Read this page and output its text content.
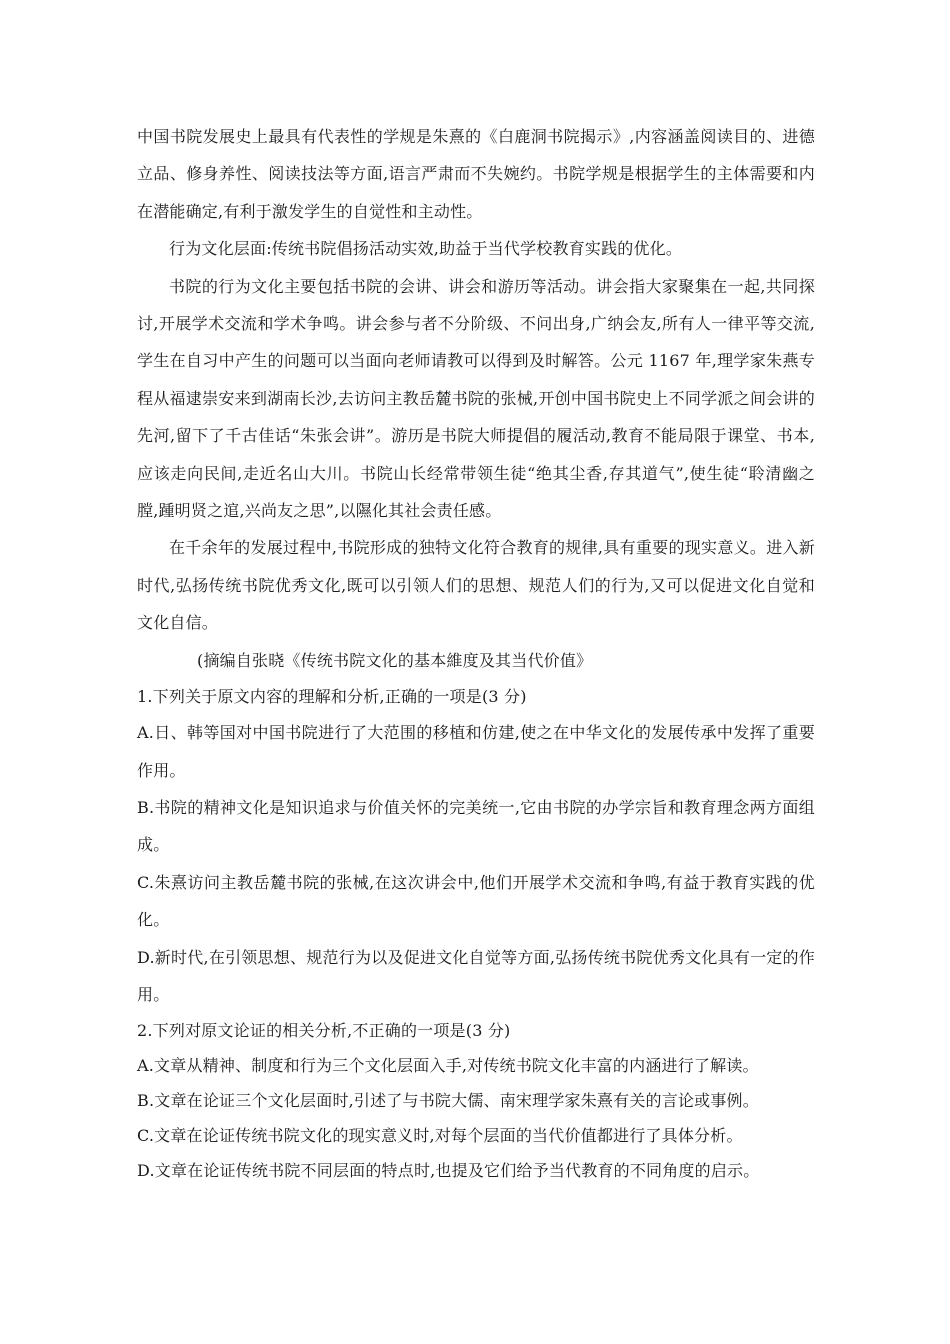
中国书院发展史上最具有代表性的学规是朱熹的《白鹿洞书院揭示》,内容涵盖阅读目的、进德立品、修身养性、阅读技法等方面,语言严肃而不失婉约。书院学规是根据学生的主体需要和内在潜能确定,有利于激发学生的自觉性和主动性。

行为文化层面:传统书院倡扬活动实效,助益于当代学校教育实践的优化。

书院的行为文化主要包括书院的会讲、讲会和游历等活动。讲会指大家聚集在一起,共同探讨,开展学术交流和学术争鸣。讲会参与者不分阶级、不问出身,广纳会友,所有人一律平等交流,学生在自习中产生的问题可以当面向老师请教可以得到及时解答。公元 1167 年,理学家朱燕专程从福逮崇安来到湖南长沙,去访问主教岳麓书院的张械,开创中国书院史上不同学派之间会讲的先河,留下了千古佳话“朱张会讲”。游历是书院大师提倡的履活动,教育不能局限于课堂、书本,应该走向民间,走近名山大川。书院山长经常带领生徒“绝其尘香,存其道气”,使生徒“聆清幽之膛,踵明贤之逭,兴尚友之思”,以隰化其社会责任感。

在千余年的发展过程中,书院形成的独特文化符合教育的规律,具有重要的现实意义。进入新时代,弘扬传统书院优秀文化,既可以引领人们的思想、规范人们的行为,又可以促进文化自觉和文化自信。

(摘编自张晓《传统书院文化的基本維度及其当代价值》

1.下列关于原文内容的理解和分析,正确的一项是(3 分)

A.日、韩等国对中国书院进行了大范围的移植和仿建,使之在中华文化的发展传承中发挥了重要作用。

B.书院的精神文化是知识追求与价值关怀的完美统一,它由书院的办学宗旨和教育理念两方面组成。

C.朱熹访问主教岳麓书院的张械,在这次讲会中,他们开展学术交流和争鸣,有益于教育实践的优化。

D.新时代,在引领思想、规范行为以及促进文化自觉等方面,弘扬传统书院优秀文化具有一定的作用。

2.下列对原文论证的相关分析,不正确的一项是(3 分)

A.文章从精神、制度和行为三个文化层面入手,对传统书院文化丰富的内涵进行了解读。

B.文章在论证三个文化层面时,引述了与书院大儒、南宋理学家朱熹有关的言论或事例。

C.文章在论证传统书院文化的现实意义时,对每个层面的当代价值都进行了具体分析。

D.文章在论证传统书院不同层面的特点时,也提及它们给予当代教育的不同角度的启示。
